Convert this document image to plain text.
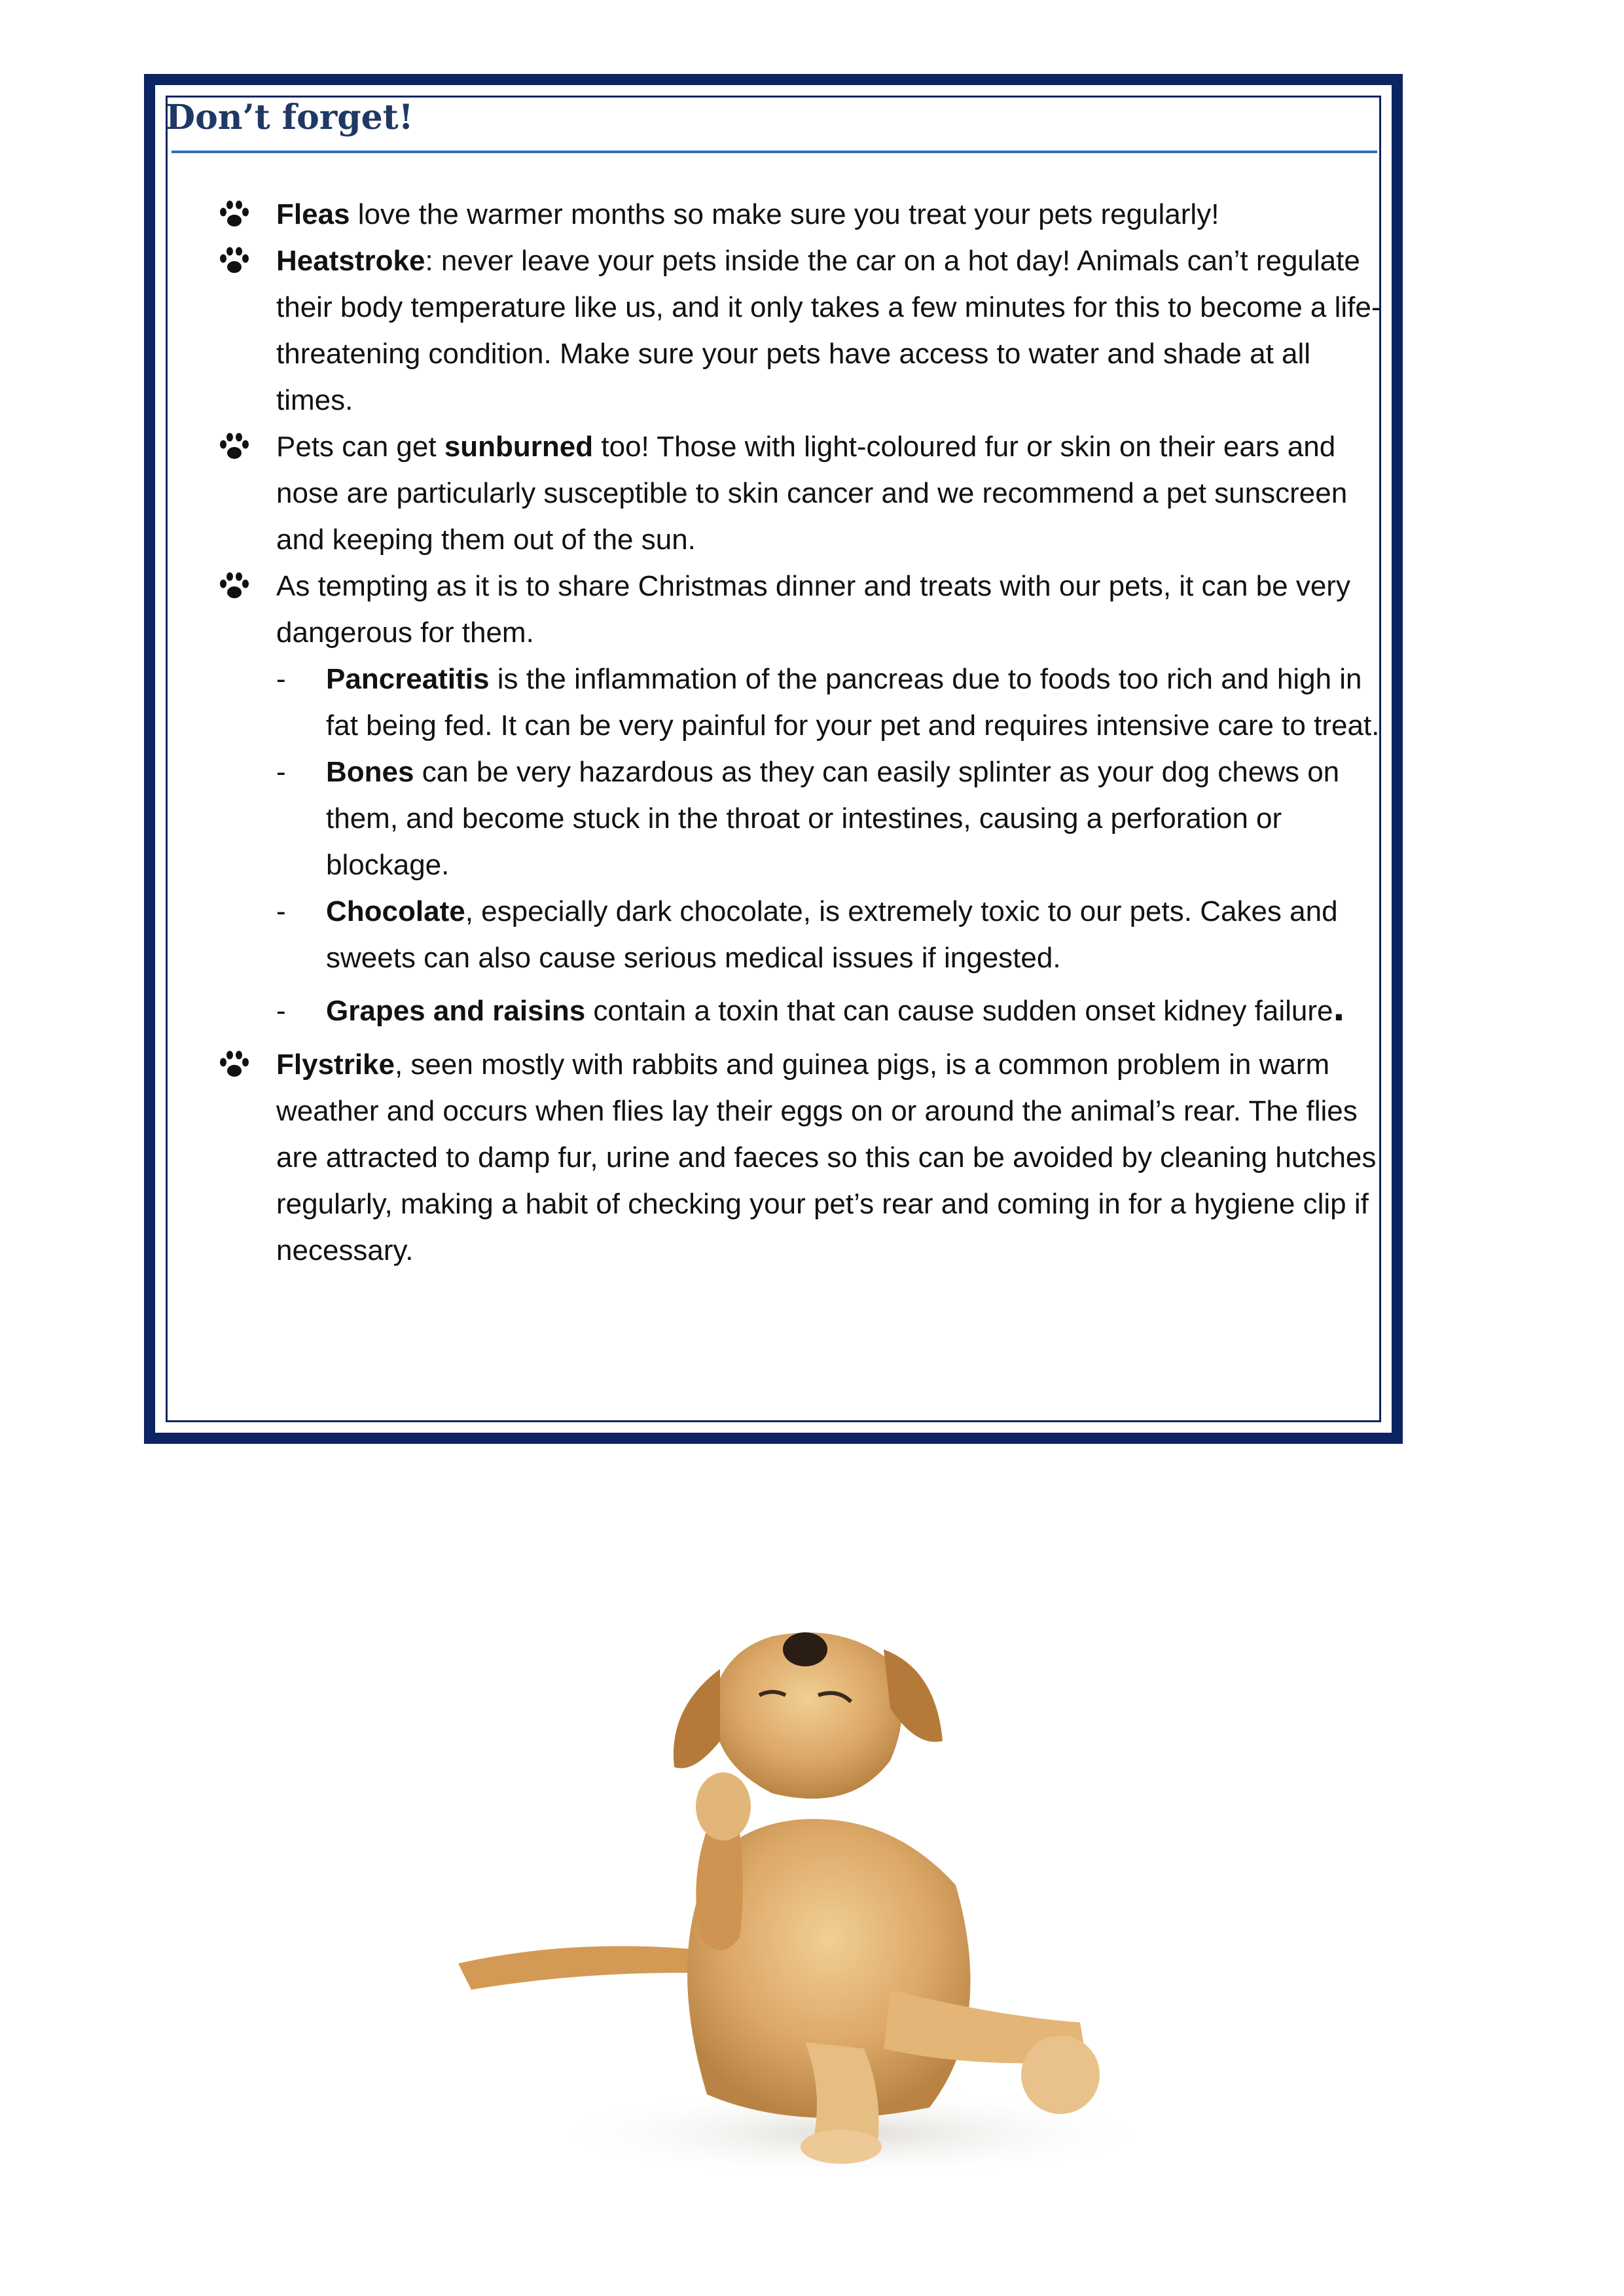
Don’t forget!
Fleas love the warmer months so make sure you treat your pets regularly!
Heatstroke: never leave your pets inside the car on a hot day! Animals can’t regulate their body temperature like us, and it only takes a few minutes for this to become a life-threatening condition. Make sure your pets have access to water and shade at all times.
Pets can get sunburned too! Those with light-coloured fur or skin on their ears and nose are particularly susceptible to skin cancer and we recommend a pet sunscreen and keeping them out of the sun.
As tempting as it is to share Christmas dinner and treats with our pets, it can be very dangerous for them.
- Pancreatitis is the inflammation of the pancreas due to foods too rich and high in fat being fed. It can be very painful for your pet and requires intensive care to treat.
- Bones can be very hazardous as they can easily splinter as your dog chews on them, and become stuck in the throat or intestines, causing a perforation or blockage.
- Chocolate, especially dark chocolate, is extremely toxic to our pets. Cakes and sweets can also cause serious medical issues if ingested.
- Grapes and raisins contain a toxin that can cause sudden onset kidney failure.
Flystrike, seen mostly with rabbits and guinea pigs, is a common problem in warm weather and occurs when flies lay their eggs on or around the animal’s rear. The flies are attracted to damp fur, urine and faeces so this can be avoided by cleaning hutches regularly, making a habit of checking your pet’s rear and coming in for a hygiene clip if necessary.
